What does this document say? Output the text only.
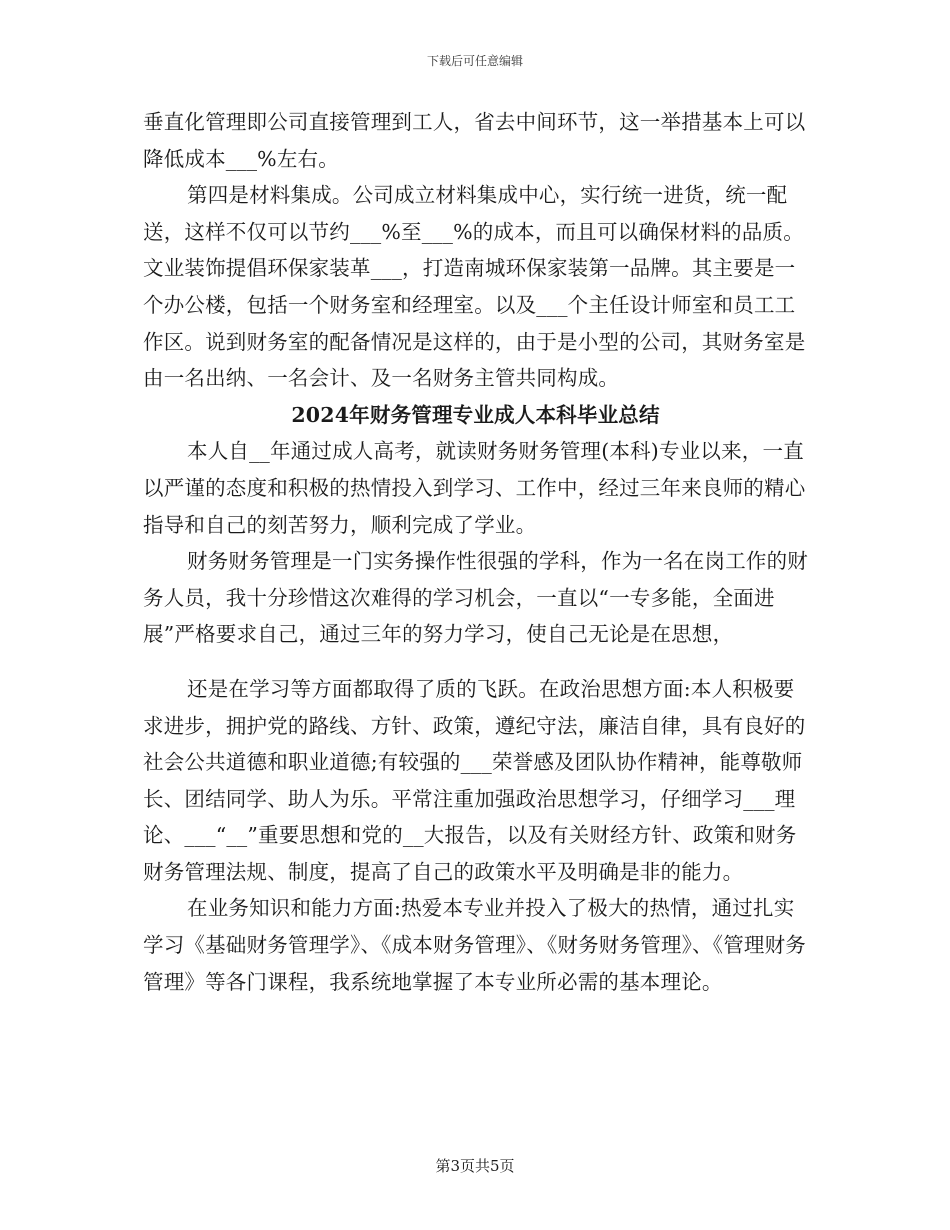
下载后可任意编辑

垂直化管理即公司直接管理到工人，省去中间环节，这一举措基本上可以降低成本___%左右。

第四是材料集成。公司成立材料集成中心，实行统一进货，统一配送，这样不仅可以节约___%至___%的成本，而且可以确保材料的品质。文业装饰提倡环保家装革___，打造南城环保家装第一品牌。其主要是一个办公楼，包括一个财务室和经理室。以及___个主任设计师室和员工工作区。说到财务室的配备情况是这样的，由于是小型的公司，其财务室是由一名出纳、一名会计、及一名财务主管共同构成。

2024年财务管理专业成人本科毕业总结

本人自__年通过成人高考，就读财务财务管理(本科)专业以来，一直以严谨的态度和积极的热情投入到学习、工作中，经过三年来良师的精心指导和自己的刻苦努力，顺利完成了学业。

财务财务管理是一门实务操作性很强的学科，作为一名在岗工作的财务人员，我十分珍惜这次难得的学习机会，一直以“一专多能，全面进展”严格要求自己，通过三年的努力学习，使自己无论是在思想，

还是在学习等方面都取得了质的飞跃。在政治思想方面:本人积极要求进步，拥护党的路线、方针、政策，遵纪守法，廉洁自律，具有良好的社会公共道德和职业道德;有较强的___荣誉感及团队协作精神，能尊敬师长、团结同学、助人为乐。平常注重加强政治思想学习，仔细学习___理论、___“__”重要思想和党的__大报告，以及有关财经方针、政策和财务财务管理法规、制度，提高了自己的政策水平及明确是非的能力。

在业务知识和能力方面:热爱本专业并投入了极大的热情，通过扎实学习《基础财务管理学》、《成本财务管理》、《财务财务管理》、《管理财务管理》等各门课程，我系统地掌握了本专业所必需的基本理论。

第3页共5页
